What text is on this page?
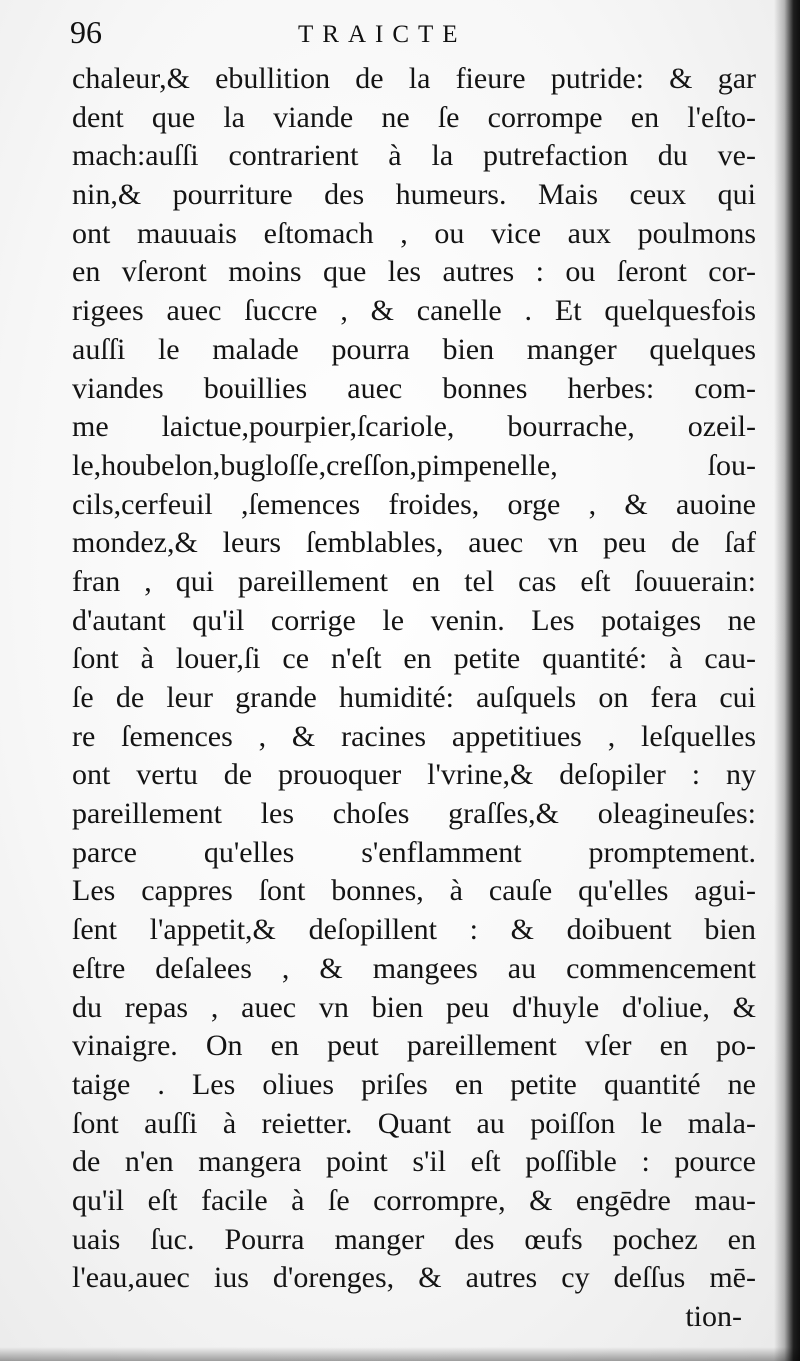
96	TRAICTE
chaleur,& ebullition de la fieure putride: & gar
dent que la viande ne ſe corrompe en l'eſto-
mach:auſſi contrarient à la putrefaction du ve-
nin,& pourriture des humeurs. Mais ceux qui
ont mauuais eſtomach , ou vice aux poulmons
en vſeront moins que les autres : ou ſeront cor-
rigees auec ſuccre , & canelle . Et quelquesfois
auſſi le malade pourra bien manger quelques
viandes bouillies auec bonnes herbes: com-
me laictue,pourpier,ſcariole, bourrache, ozeil-
le,houbelon,bugloſſe,creſſon,pimpenelle, ſou-
cils,cerfeuil ,ſemences froides, orge , & auoine
mondez,& leurs ſemblables, auec vn peu de ſaf
fran , qui pareillement en tel cas eſt ſouuerain:
d'autant qu'il corrige le venin. Les potaiges ne
ſont à louer,ſi ce n'eſt en petite quantité: à cau-
ſe de leur grande humidité: auſquels on fera cui
re ſemences , & racines appetitiues , leſquelles
ont vertu de prouoquer l'vrine,& deſopiler : ny
pareillement les choſes graſſes,& oleagineuſes:
parce qu'elles s'enflamment promptement.
Les cappres ſont bonnes, à cauſe qu'elles agui-
ſent l'appetit,& deſopillent : & doibuent bien
eſtre deſalees , & mangees au commencement
du repas , auec vn bien peu d'huyle d'oliue, &
vinaigre. On en peut pareillement vſer en po-
taige . Les oliues priſes en petite quantité ne
ſont auſſi à reietter. Quant au poiſſon le mala-
de n'en mangera point s'il eſt poſſible : pource
qu'il eſt facile à ſe corrompre, & engēdre mau-
uais ſuc. Pourra manger des œufs pochez en
l'eau,auec ius d'orenges, & autres cy deſſus mē-
tion-
